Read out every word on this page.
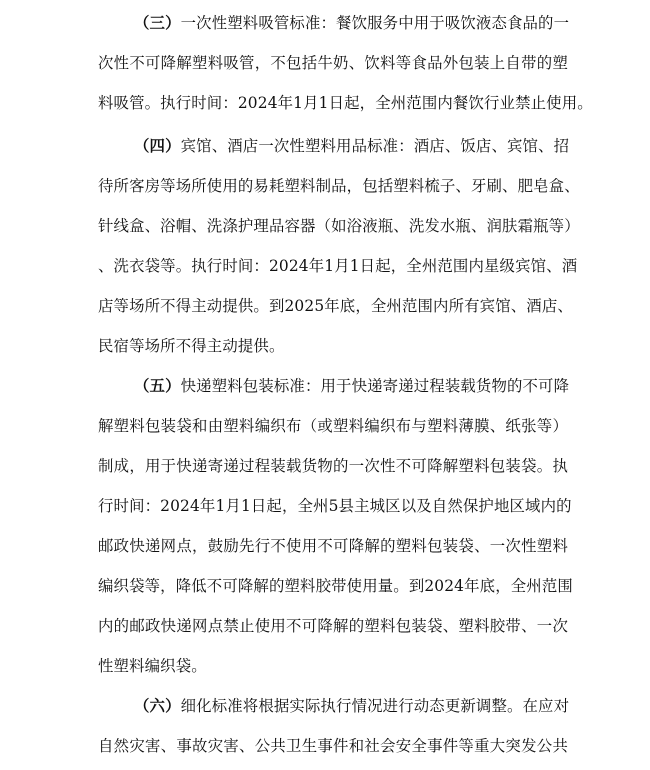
（三）一次性塑料吸管标准：餐饮服务中用于吸饮液态食品的一
次性不可降解塑料吸管，不包括牛奶、饮料等食品外包装上自带的塑
料吸管。执行时间：2024年1月1日起，全州范围内餐饮行业禁止使用。
（四）宾馆、酒店一次性塑料用品标准：酒店、饭店、宾馆、招
待所客房等场所使用的易耗塑料制品，包括塑料梳子、牙刷、肥皂盒、
针线盒、浴帽、洗涤护理品容器（如浴液瓶、洗发水瓶、润肤霜瓶等）
、洗衣袋等。执行时间：2024年1月1日起，全州范围内星级宾馆、酒
店等场所不得主动提供。到2025年底，全州范围内所有宾馆、酒店、
民宿等场所不得主动提供。
（五）快递塑料包装标准：用于快递寄递过程装载货物的不可降
解塑料包装袋和由塑料编织布（或塑料编织布与塑料薄膜、纸张等）
制成，用于快递寄递过程装载货物的一次性不可降解塑料包装袋。执
行时间：2024年1月1日起，全州5县主城区以及自然保护地区域内的
邮政快递网点，鼓励先行不使用不可降解的塑料包装袋、一次性塑料
编织袋等，降低不可降解的塑料胶带使用量。到2024年底，全州范围
内的邮政快递网点禁止使用不可降解的塑料包装袋、塑料胶带、一次
性塑料编织袋。
（六）细化标准将根据实际执行情况进行动态更新调整。在应对
自然灾害、事故灾害、公共卫生事件和社会安全事件等重大突发公共
